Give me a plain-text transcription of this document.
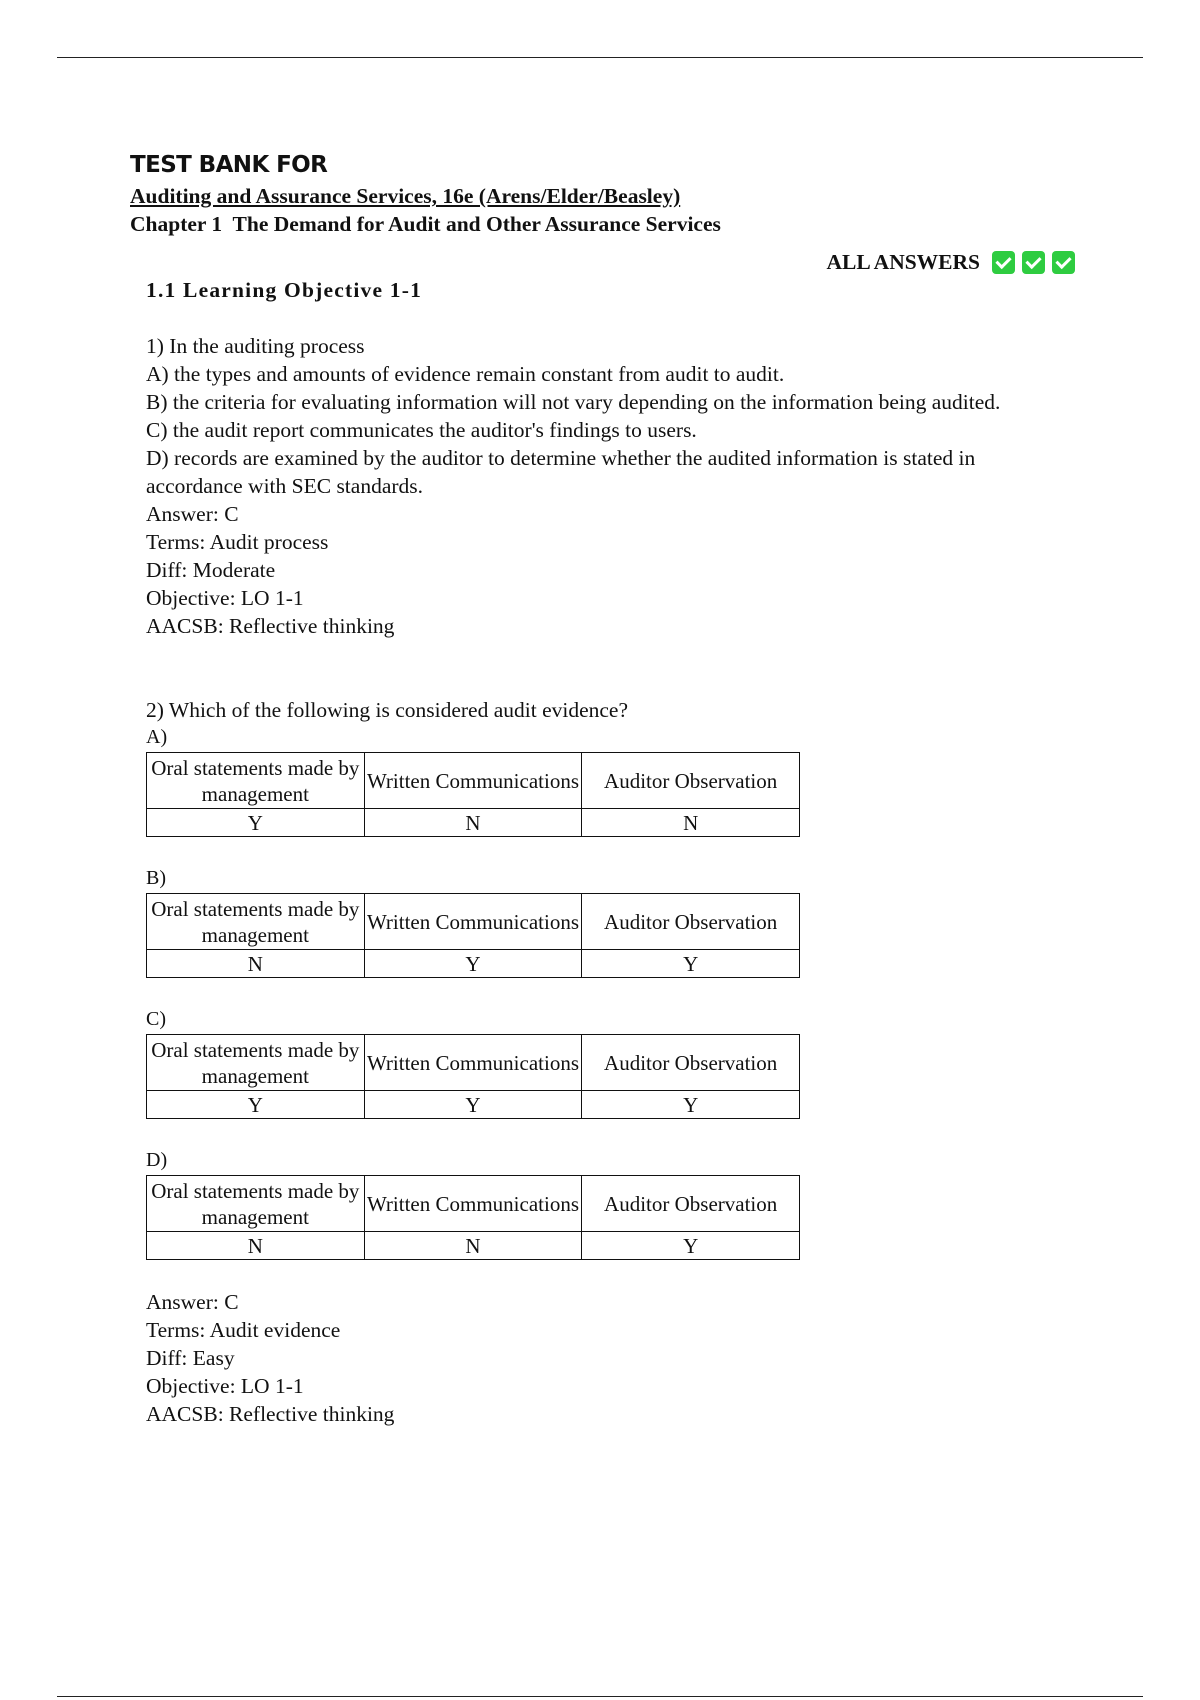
TEST BANK FOR
Auditing and Assurance Services, 16e (Arens/Elder/Beasley)
Chapter 1  The Demand for Audit and Other Assurance Services
ALL ANSWERS
1.1 Learning Objective 1-1

1) In the auditing process

A) the types and amounts of evidence remain constant from audit to audit.

B) the criteria for evaluating information will not vary depending on the information being audited.

C) the audit report communicates the auditor's findings to users.

D) records are examined by the auditor to determine whether the audited information is stated in accordance with SEC standards.

Answer: C

Terms: Audit process

Diff: Moderate

Objective: LO 1-1

AACSB: Reflective thinking

2) Which of the following is considered audit evidence?

A)

Oral statements made by management	Written Communications	Auditor Observation
Y	N	N

B)

Oral statements made by management	Written Communications	Auditor Observation
N	Y	Y

C)

Oral statements made by management	Written Communications	Auditor Observation
Y	Y	Y

D)

Oral statements made by management	Written Communications	Auditor Observation
N	N	Y
Answer: C
Terms: Audit evidence
Diff: Easy
Objective: LO 1-1
AACSB: Reflective thinking
